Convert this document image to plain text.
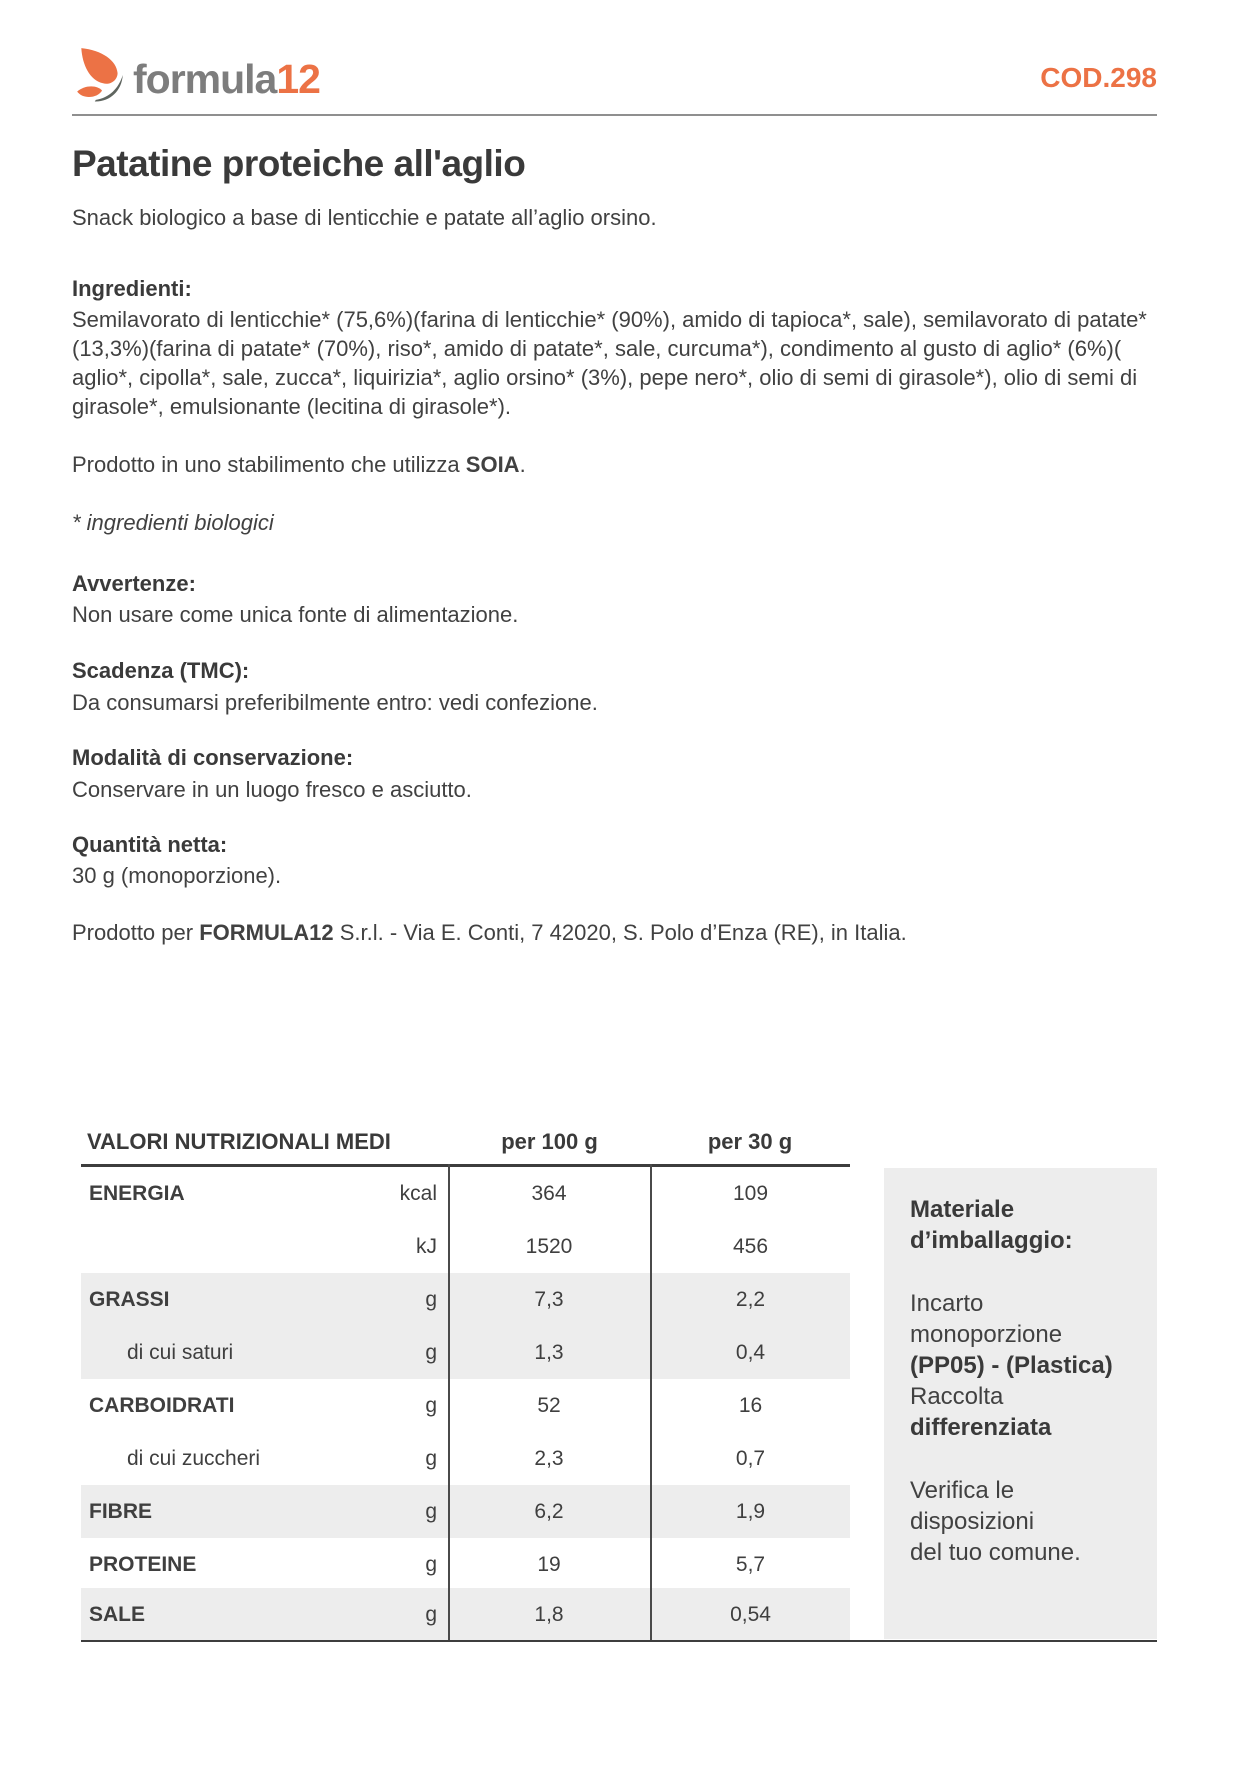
formula12	COD.298
Patatine proteiche all'aglio
Snack biologico a base di lenticchie e patate all’aglio orsino.
Ingredienti:
Semilavorato di lenticchie* (75,6%)(farina di lenticchie* (90%), amido di tapioca*, sale), semilavorato di patate* (13,3%)(farina di patate* (70%), riso*, amido di patate*, sale, curcuma*), condimento al gusto di aglio* (6%)( aglio*, cipolla*, sale, zucca*, liquirizia*, aglio orsino* (3%), pepe nero*, olio di semi di girasole*), olio di semi di girasole*, emulsionante (lecitina di girasole*).
Prodotto in uno stabilimento che utilizza SOIA.
* ingredienti biologici
Avvertenze:
Non usare come unica fonte di alimentazione.
Scadenza (TMC):
Da consumarsi preferibilmente entro: vedi confezione.
Modalità di conservazione:
Conservare in un luogo fresco e asciutto.
Quantità netta:
30 g (monoporzione).
Prodotto per FORMULA12 S.r.l. - Via E. Conti, 7 42020, S. Polo d’Enza (RE), in Italia.
VALORI NUTRIZIONALI MEDI	per 100 g	per 30 g
ENERGIA	kcal	364	109
kJ	1520	456
GRASSI	g	7,3	2,2
di cui saturi	g	1,3	0,4
CARBOIDRATI	g	52	16
di cui zuccheri	g	2,3	0,7
FIBRE	g	6,2	1,9
PROTEINE	g	19	5,7
SALE	g	1,8	0,54
Materiale
d’imballaggio:
Incarto
monoporzione
(PP05) - (Plastica)
Raccolta
differenziata
Verifica le
disposizioni
del tuo comune.
